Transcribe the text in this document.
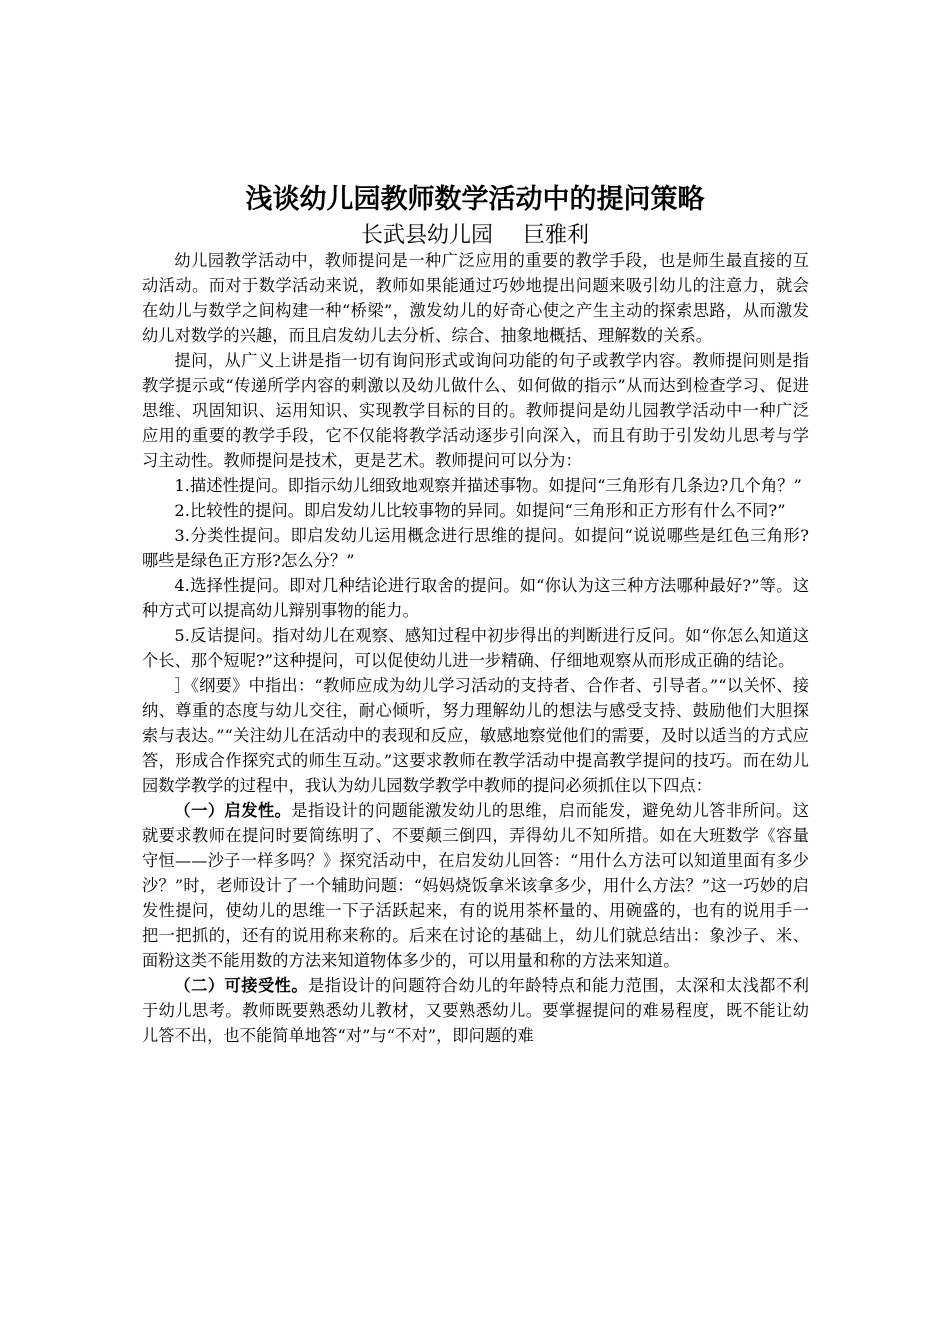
浅谈幼儿园教师数学活动中的提问策略
长武县幼儿园 巨雅利

幼儿园教学活动中，教师提问是一种广泛应用的重要的教学手段，也是师生最直接的互动活动。而对于数学活动来说，教师如果能通过巧妙地提出问题来吸引幼儿的注意力，就会在幼儿与数学之间构建一种“桥梁”，激发幼儿的好奇心使之产生主动的探索思路，从而激发幼儿对数学的兴趣，而且启发幼儿去分析、综合、抽象地概括、理解数的关系。

提问，从广义上讲是指一切有询问形式或询问功能的句子或教学内容。教师提问则是指教学提示或“传递所学内容的刺激以及幼儿做什么、如何做的指示”从而达到检查学习、促进思维、巩固知识、运用知识、实现教学目标的目的。教师提问是幼儿园教学活动中一种广泛应用的重要的教学手段，它不仅能将教学活动逐步引向深入，而且有助于引发幼儿思考与学习主动性。教师提问是技术，更是艺术。教师提问可以分为：

1.描述性提问。即指示幼儿细致地观察并描述事物。如提问“三角形有几条边?几个角？”

2.比较性的提问。即启发幼儿比较事物的异同。如提问“三角形和正方形有什么不同?”

3.分类性提问。即启发幼儿运用概念进行思维的提问。如提问“说说哪些是红色三角形?哪些是绿色正方形?怎么分？”

4.选择性提问。即对几种结论进行取舍的提问。如“你认为这三种方法哪种最好?”等。这种方式可以提高幼儿辩别事物的能力。

5.反诘提问。指对幼儿在观察、感知过程中初步得出的判断进行反问。如“你怎么知道这个长、那个短呢?”这种提问，可以促使幼儿进一步精确、仔细地观察从而形成正确的结论。

］《纲要》中指出：“教师应成为幼儿学习活动的支持者、合作者、引导者。”“以关怀、接纳、尊重的态度与幼儿交往，耐心倾听，努力理解幼儿的想法与感受支持、鼓励他们大胆探索与表达。”“关注幼儿在活动中的表现和反应，敏感地察觉他们的需要，及时以适当的方式应答，形成合作探究式的师生互动。”这要求教师在教学活动中提高教学提问的技巧。而在幼儿园数学教学的过程中，我认为幼儿园数学教学中教师的提问必须抓住以下四点：

（一）启发性。是指设计的问题能激发幼儿的思维，启而能发，避免幼儿答非所问。这就要求教师在提问时要简练明了、不要颠三倒四，弄得幼儿不知所措。如在大班数学《容量守恒——沙子一样多吗？》探究活动中，在启发幼儿回答：“用什么方法可以知道里面有多少沙？”时，老师设计了一个辅助问题：“妈妈烧饭拿米该拿多少，用什么方法？”这一巧妙的启发性提问，使幼儿的思维一下子活跃起来，有的说用茶杯量的、用碗盛的，也有的说用手一把一把抓的，还有的说用称来称的。后来在讨论的基础上，幼儿们就总结出：象沙子、米、面粉这类不能用数的方法来知道物体多少的，可以用量和称的方法来知道。

（二）可接受性。是指设计的问题符合幼儿的年龄特点和能力范围，太深和太浅都不利于幼儿思考。教师既要熟悉幼儿教材，又要熟悉幼儿。要掌握提问的难易程度，既不能让幼儿答不出，也不能简单地答“对”与“不对”，即问题的难
